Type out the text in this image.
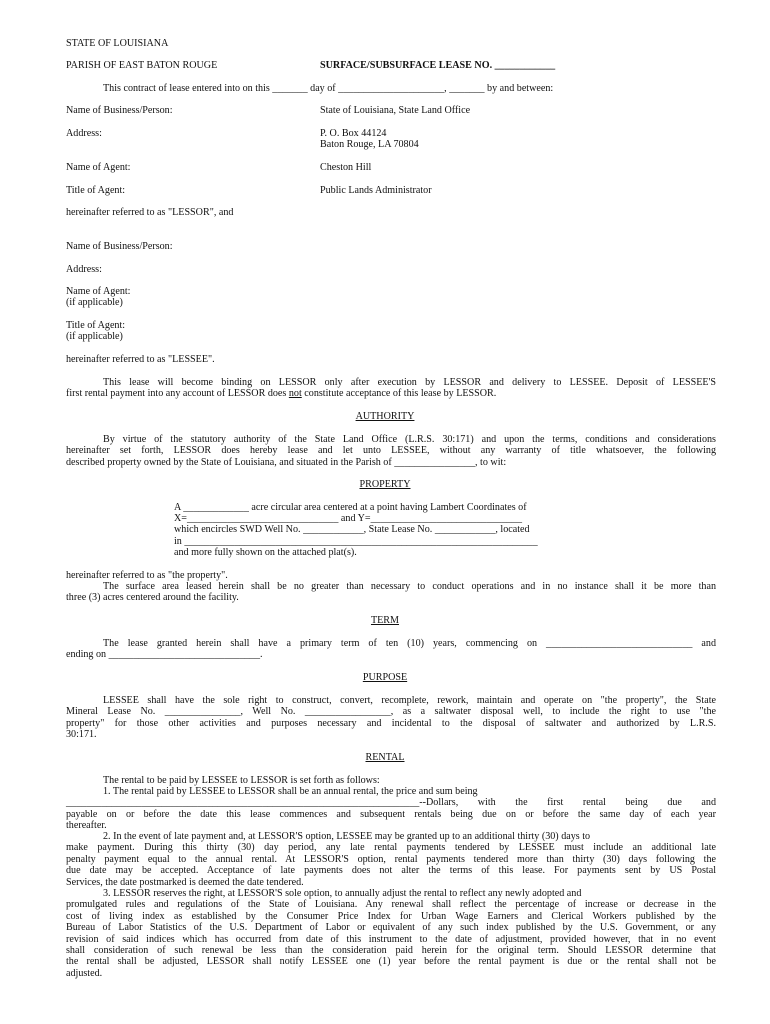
STATE OF LOUISIANA
PARISH OF EAST BATON ROUGE	SURFACE/SUBSURFACE LEASE NO. ____________
This contract of lease entered into on this _______ day of _____________________, _______ by and between:
Name of Business/Person:	State of Louisiana, State Land Office
Address:	P. O. Box 44124
Baton Rouge, LA 70804
Name of Agent:	Cheston Hill
Title of Agent:	Public Lands Administrator
hereinafter referred to as "LESSOR", and
Name of Business/Person:
Address:
Name of Agent:
(if applicable)
Title of Agent:
(if applicable)
hereinafter referred to as "LESSEE".
This lease will become binding on LESSOR only after execution by LESSOR and delivery to LESSEE. Deposit of LESSEE'S
first rental payment into any account of LESSOR does not constitute acceptance of this lease by LESSOR.
AUTHORITY
By virtue of the statutory authority of the State Land Office (L.R.S. 30:171) and upon the terms, conditions and considerations
hereinafter set forth, LESSOR does hereby lease and let unto LESSEE, without any warranty of title whatsoever, the following
described property owned by the State of Louisiana, and situated in the Parish of ________________, to wit:
PROPERTY
A _____________ acre circular area centered at a point having Lambert Coordinates of
X=______________________________ and Y=______________________________
which encircles SWD Well No. ____________, State Lease No. ____________, located
in ______________________________________________________________________
and more fully shown on the attached plat(s).
hereinafter referred to as "the property".
The surface area leased herein shall be no greater than necessary to conduct operations and in no instance shall it be more than
three (3) acres centered around the facility.
TERM
The lease granted herein shall have a primary term of ten (10) years, commencing on _____________________________ and
ending on ______________________________.
PURPOSE
LESSEE shall have the sole right to construct, convert, recomplete, rework, maintain and operate on "the property", the State
Mineral Lease No. _______________, Well No. _________________, as a saltwater disposal well, to include the right to use "the
property" for those other activities and purposes necessary and incidental to the disposal of saltwater and authorized by L.R.S.
30:171.
RENTAL
The rental to be paid by LESSEE to LESSOR is set forth as follows:
1. The rental paid by LESSEE to LESSOR shall be an annual rental, the price and sum being
______________________________________________________________________--Dollars, with the first rental being due and
payable on or before the date this lease commences and subsequent rentals being due on or before the same day of each year
thereafter.
2. In the event of late payment and, at LESSOR'S option, LESSEE may be granted up to an additional thirty (30) days to
make payment. During this thirty (30) day period, any late rental payments tendered by LESSEE must include an additional late
penalty payment equal to the annual rental. At LESSOR'S option, rental payments tendered more than thirty (30) days following the
due date may be accepted. Acceptance of late payments does not alter the terms of this lease. For payments sent by US Postal
Services, the date postmarked is deemed the date tendered.
3. LESSOR reserves the right, at LESSOR'S sole option, to annually adjust the rental to reflect any newly adopted and
promulgated rules and regulations of the State of Louisiana. Any renewal shall reflect the percentage of increase or decrease in the
cost of living index as established by the Consumer Price Index for Urban Wage Earners and Clerical Workers published by the
Bureau of Labor Statistics of the U.S. Department of Labor or equivalent of any such index published by the U.S. Government, or any
revision of said indices which has occurred from date of this instrument to the date of adjustment, provided however, that in no event
shall consideration of such renewal be less than the consideration paid herein for the original term. Should LESSOR determine that
the rental shall be adjusted, LESSOR shall notify LESSEE one (1) year before the rental payment is due or the rental shall not be
adjusted.
